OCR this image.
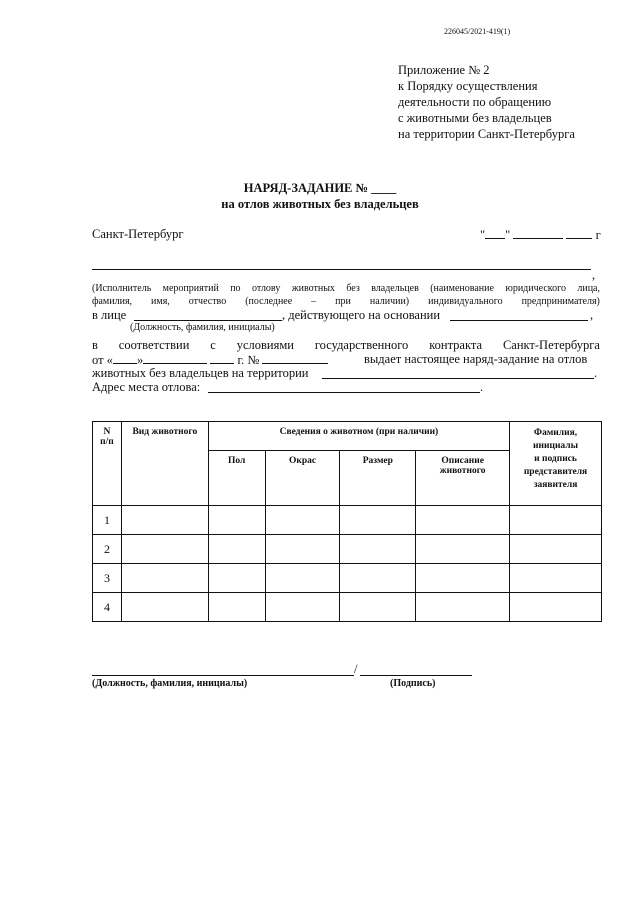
226045/2021-419(1)
Приложение № 2
к Порядку осуществления
деятельности по обращению
с животными без владельцев
на территории Санкт-Петербурга
НАРЯД-ЗАДАНИЕ № ____
на отлов животных без владельцев
Санкт-Петербург	" "	г
,
(Исполнитель мероприятий по отлову животных без владельцев (наименование юридического лица,
фамилия, имя, отчество (последнее – при наличии) индивидуального предпринимателя)
в лице	, действующего на основании	,
(Должность, фамилия, инициалы)
в соответствии с условиями государственного контракта Санкт-Петербурга
от « »	г. №	выдает настоящее наряд-задание на отлов
животных без владельцев на территории	.
Адрес места отлова:	.
N
п/п	Вид животного	Сведения о животном (при наличии)				Фамилия,
инициалы
и подпись
представителя
заявителя
		Пол	Окрас	Размер	Описание
животного	
1						
2						
3						
4						
/
(Должность, фамилия, инициалы)	(Подпись)
